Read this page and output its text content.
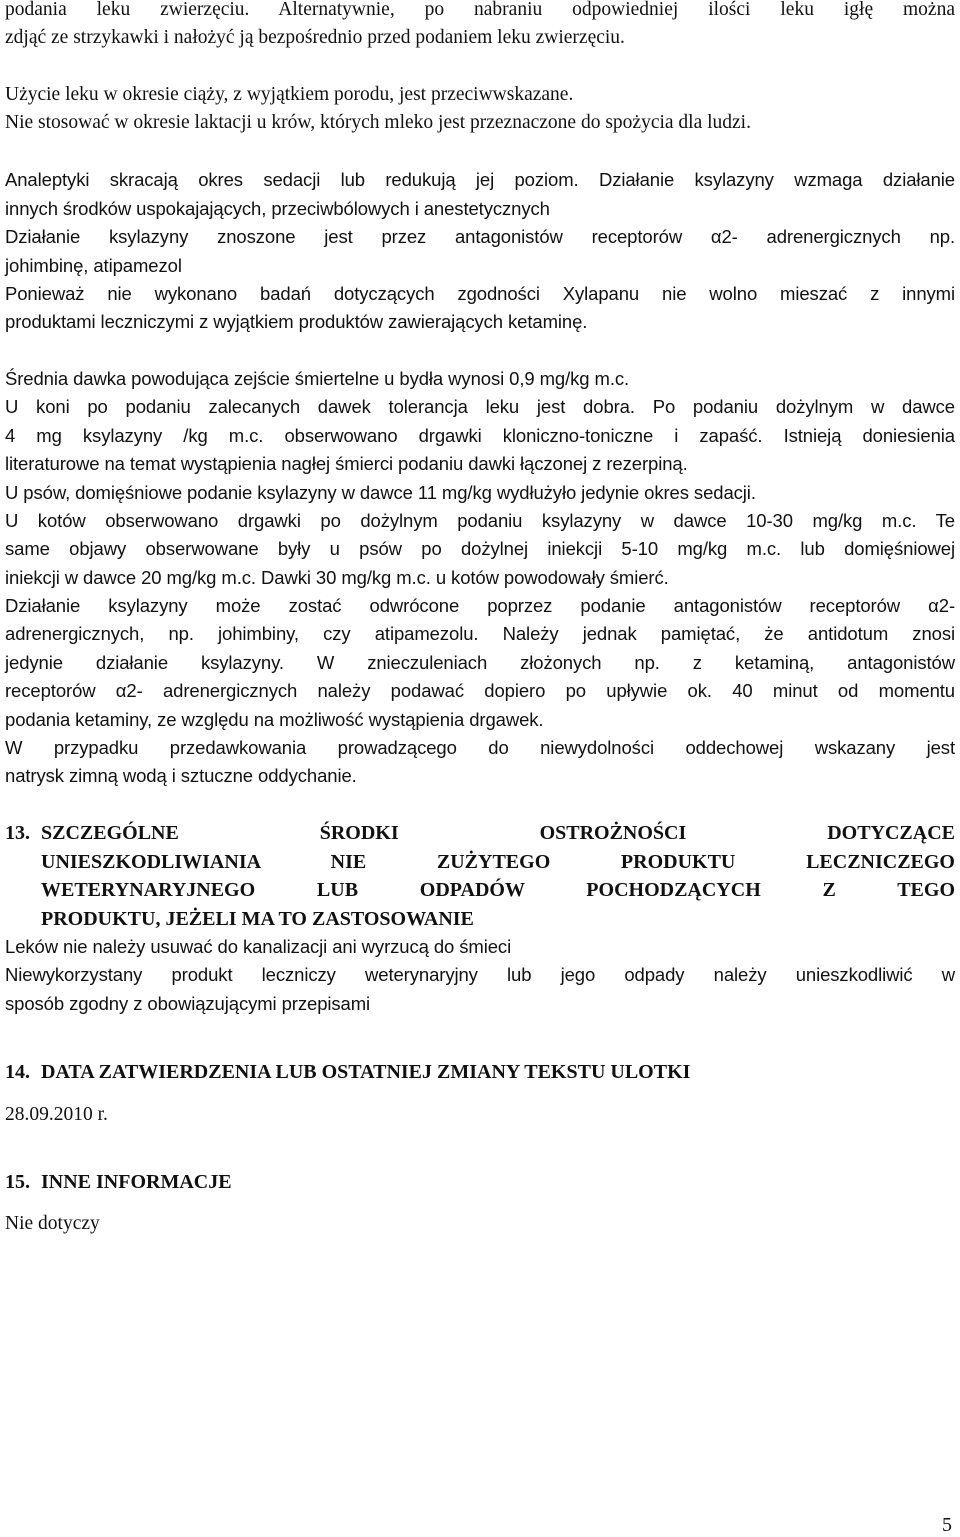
podania leku zwierzęciu. Alternatywnie, po nabraniu odpowiedniej ilości leku igłę można

zdjąć ze strzykawki i nałożyć ją bezpośrednio przed podaniem leku zwierzęciu.

Użycie leku w okresie ciąży, z wyjątkiem porodu, jest przeciwwskazane.

Nie stosować w okresie laktacji u krów, których mleko jest przeznaczone do spożycia dla ludzi.

Analeptyki skracają okres sedacji lub redukują jej poziom. Działanie ksylazyny wzmaga działanie

innych środków uspokajających, przeciwbólowych i anestetycznych

Działanie ksylazyny znoszone jest przez antagonistów receptorów α2- adrenergicznych np.

johimbinę, atipamezol

Ponieważ nie wykonano badań dotyczących zgodności Xylapanu nie wolno mieszać z innymi

produktami leczniczymi z wyjątkiem produktów zawierających ketaminę.

Średnia dawka powodująca zejście śmiertelne u bydła wynosi 0,9 mg/kg m.c.

U koni po podaniu zalecanych dawek tolerancja leku jest dobra. Po podaniu dożylnym w dawce

4 mg ksylazyny /kg m.c. obserwowano drgawki kloniczno-toniczne i zapaść. Istnieją doniesienia

literaturowe na temat wystąpienia nagłej śmierci podaniu dawki łączonej z rezerpiną.

U psów, domięśniowe podanie ksylazyny w dawce 11 mg/kg wydłużyło jedynie okres sedacji.

U kotów obserwowano drgawki po dożylnym podaniu ksylazyny w dawce 10-30 mg/kg m.c. Te

same objawy obserwowane były u psów po dożylnej iniekcji 5-10 mg/kg m.c. lub domięśniowej

iniekcji w dawce 20 mg/kg m.c. Dawki 30 mg/kg m.c. u kotów powodowały śmierć.

Działanie ksylazyny może zostać odwrócone poprzez podanie antagonistów receptorów α2-

adrenergicznych, np. johimbiny, czy atipamezolu. Należy jednak pamiętać, że antidotum znosi

jedynie działanie ksylazyny. W znieczuleniach złożonych np. z ketaminą, antagonistów

receptorów α2- adrenergicznych należy podawać dopiero po upływie ok. 40 minut od momentu

podania ketaminy, ze względu na możliwość wystąpienia drgawek.

W przypadku przedawkowania prowadzącego do niewydolności oddechowej wskazany jest

natrysk zimną wodą i sztuczne oddychanie.

13. SZCZEGÓLNE ŚRODKI OSTROŻNOŚCI DOTYCZĄCE
UNIESZKODLIWIANIA NIE ZUŻYTEGO PRODUKTU LECZNICZEGO
WETERYNARYJNEGO LUB ODPADÓW POCHODZĄCYCH Z TEGO
PRODUKTU, JEŻELI MA TO ZASTOSOWANIE

Leków nie należy usuwać do kanalizacji ani wyrzucą do śmieci

Niewykorzystany produkt leczniczy weterynaryjny lub jego odpady należy unieszkodliwić w

sposób zgodny z obowiązującymi przepisami

14. DATA ZATWIERDZENIA LUB OSTATNIEJ ZMIANY TEKSTU ULOTKI

28.09.2010 r.

15. INNE INFORMACJE

Nie dotyczy

5
